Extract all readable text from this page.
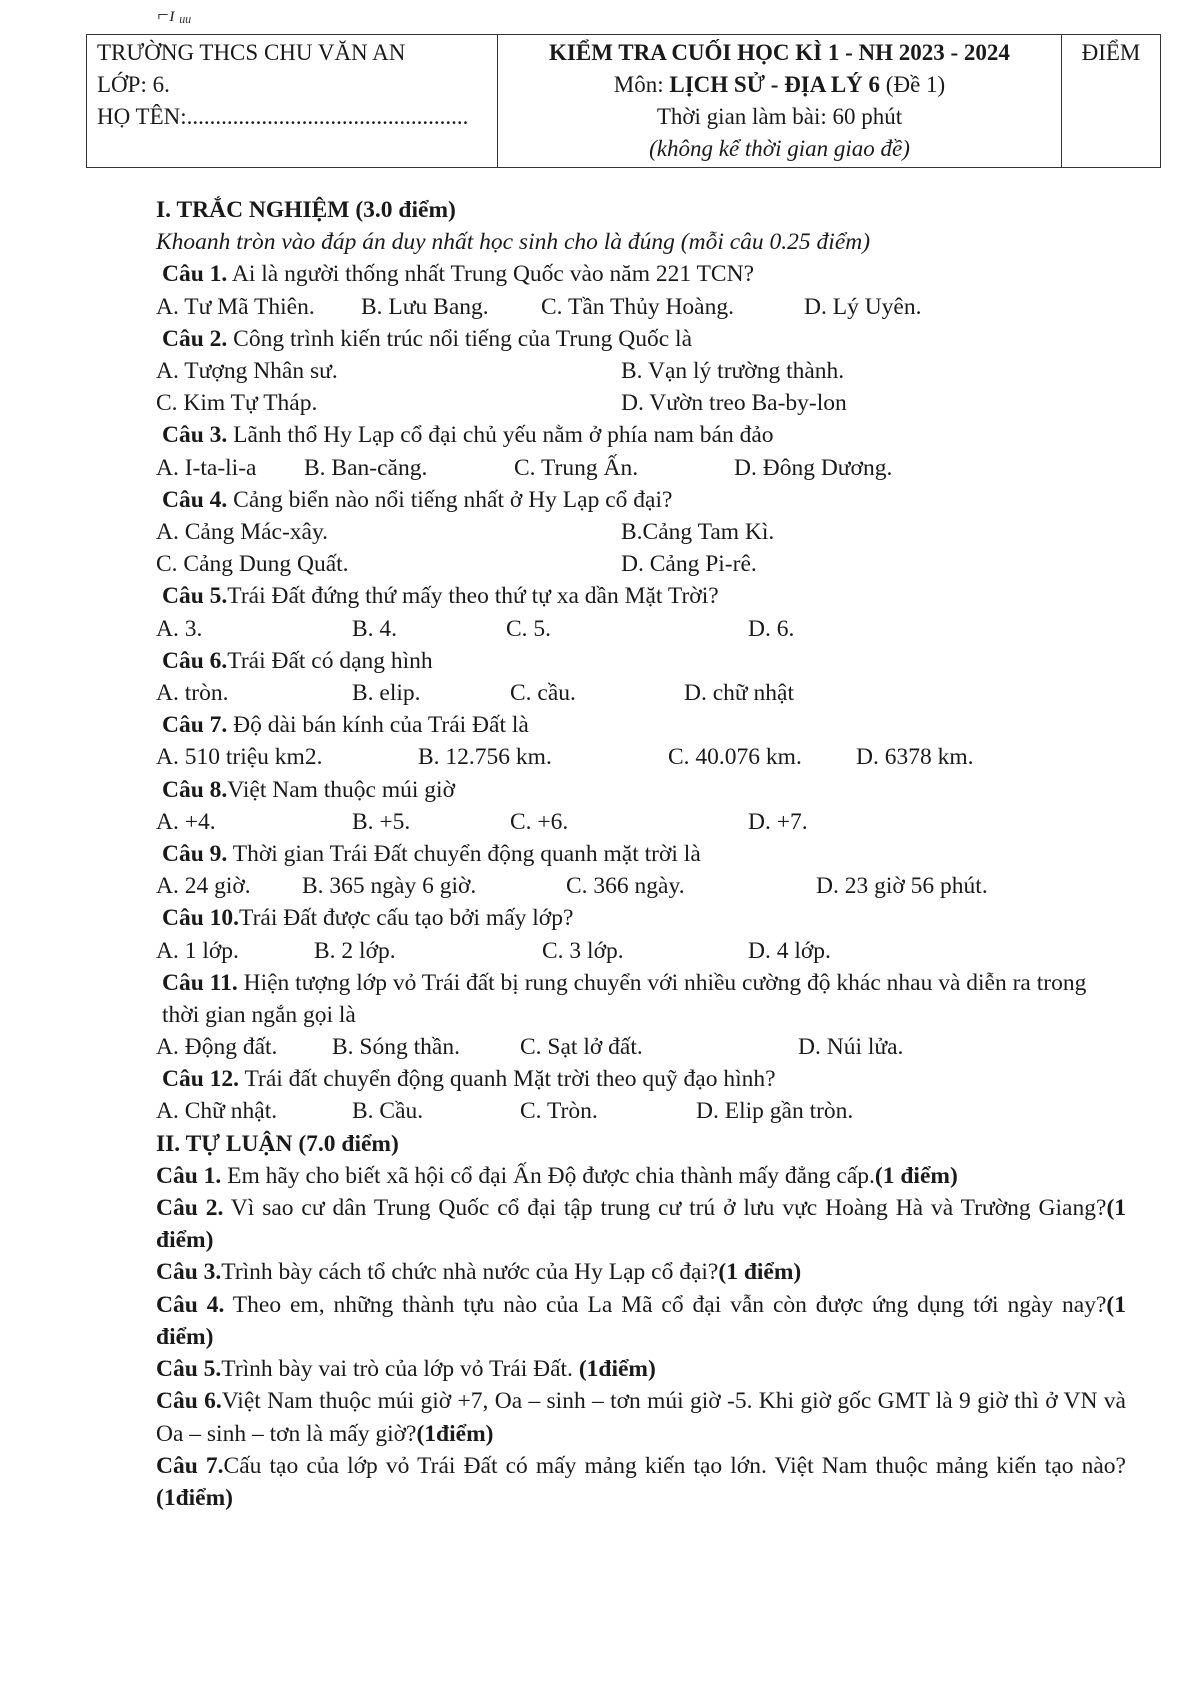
⌐ɪ ᵤᵤ
TRƯỜNG THCS CHU VĂN AN
LỚP: 6.
HỌ TÊN:.................................................

KIỂM TRA CUỐI HỌC KÌ 1 - NH 2023 - 2024
Môn: LỊCH SỬ - ĐỊA LÝ 6 (Đề 1)
Thời gian làm bài: 60 phút
(không kể thời gian giao đề)

ĐIỂM

I. TRẮC NGHIỆM (3.0 điểm)

Khoanh tròn vào đáp án duy nhất học sinh cho là đúng (mỗi câu 0.25 điểm)

Câu 1. Ai là người thống nhất Trung Quốc vào năm 221 TCN?

A. Tư Mã Thiên. B. Lưu Bang. C. Tần Thủy Hoàng.	D. Lý Uyên.

Câu 2. Công trình kiến trúc nổi tiếng của Trung Quốc là

A. Tượng Nhân sư.	B. Vạn lý trường thành.
C. Kim Tự Tháp.	D. Vườn treo Ba-by-lon

Câu 3. Lãnh thổ Hy Lạp cổ đại chủ yếu nằm ở phía nam bán đảo

A. I-ta-li-a B. Ban-căng.	C. Trung Ấn.	D. Đông Dương.

Câu 4. Cảng biển nào nổi tiếng nhất ở Hy Lạp cổ đại?

A. Cảng Mác-xây.	B.Cảng Tam Kì.
C. Cảng Dung Quất.	D. Cảng Pi-rê.

Câu 5.Trái Đất đứng thứ mấy theo thứ tự xa dần Mặt Trời?

A. 3.	B. 4.	C. 5.	D. 6.

Câu 6.Trái Đất có dạng hình

A. tròn.	B. elip.	C. cầu.	D. chữ nhật

Câu 7. Độ dài bán kính của Trái Đất là

A. 510 triệu km2.	B. 12.756 km.	C. 40.076 km. D. 6378 km.

Câu 8.Việt Nam thuộc múi giờ

A. +4.	B. +5.	C. +6.	D. +7.

Câu 9. Thời gian Trái Đất chuyển động quanh mặt trời là

A. 24 giờ. B. 365 ngày 6 giờ.	C. 366 ngày.	D. 23 giờ 56 phút.

Câu 10.Trái Đất được cấu tạo bởi mấy lớp?

A. 1 lớp.	B. 2 lớp.	C. 3 lớp.	D. 4 lớp.

Câu 11. Hiện tượng lớp vỏ Trái đất bị rung chuyển với nhiều cường độ khác nhau và diễn ra trong thời gian ngắn gọi là

A. Động đất. B. Sóng thần.	C. Sạt lở đất.	D. Núi lửa.

Câu 12. Trái đất chuyển động quanh Mặt trời theo quỹ đạo hình?

A. Chữ nhật.	B. Cầu.	C. Tròn.	D. Elip gần tròn.

II. TỰ LUẬN (7.0 điểm)

Câu 1. Em hãy cho biết xã hội cổ đại Ấn Độ được chia thành mấy đẳng cấp.(1 điểm)

Câu 2. Vì sao cư dân Trung Quốc cổ đại tập trung cư trú ở lưu vực Hoàng Hà và Trường Giang?(1 điểm)

Câu 3.Trình bày cách tổ chức nhà nước của Hy Lạp cổ đại?(1 điểm)

Câu 4. Theo em, những thành tựu nào của La Mã cổ đại vẫn còn được ứng dụng tới ngày nay?(1 điểm)

Câu 5.Trình bày vai trò của lớp vỏ Trái Đất. (1điểm)

Câu 6.Việt Nam thuộc múi giờ +7, Oa – sinh – tơn múi giờ -5. Khi giờ gốc GMT là 9 giờ thì ở VN và Oa – sinh – tơn là mấy giờ?(1điểm)

Câu 7.Cấu tạo của lớp vỏ Trái Đất có mấy mảng kiến tạo lớn. Việt Nam thuộc mảng kiến tạo nào?(1điểm)
